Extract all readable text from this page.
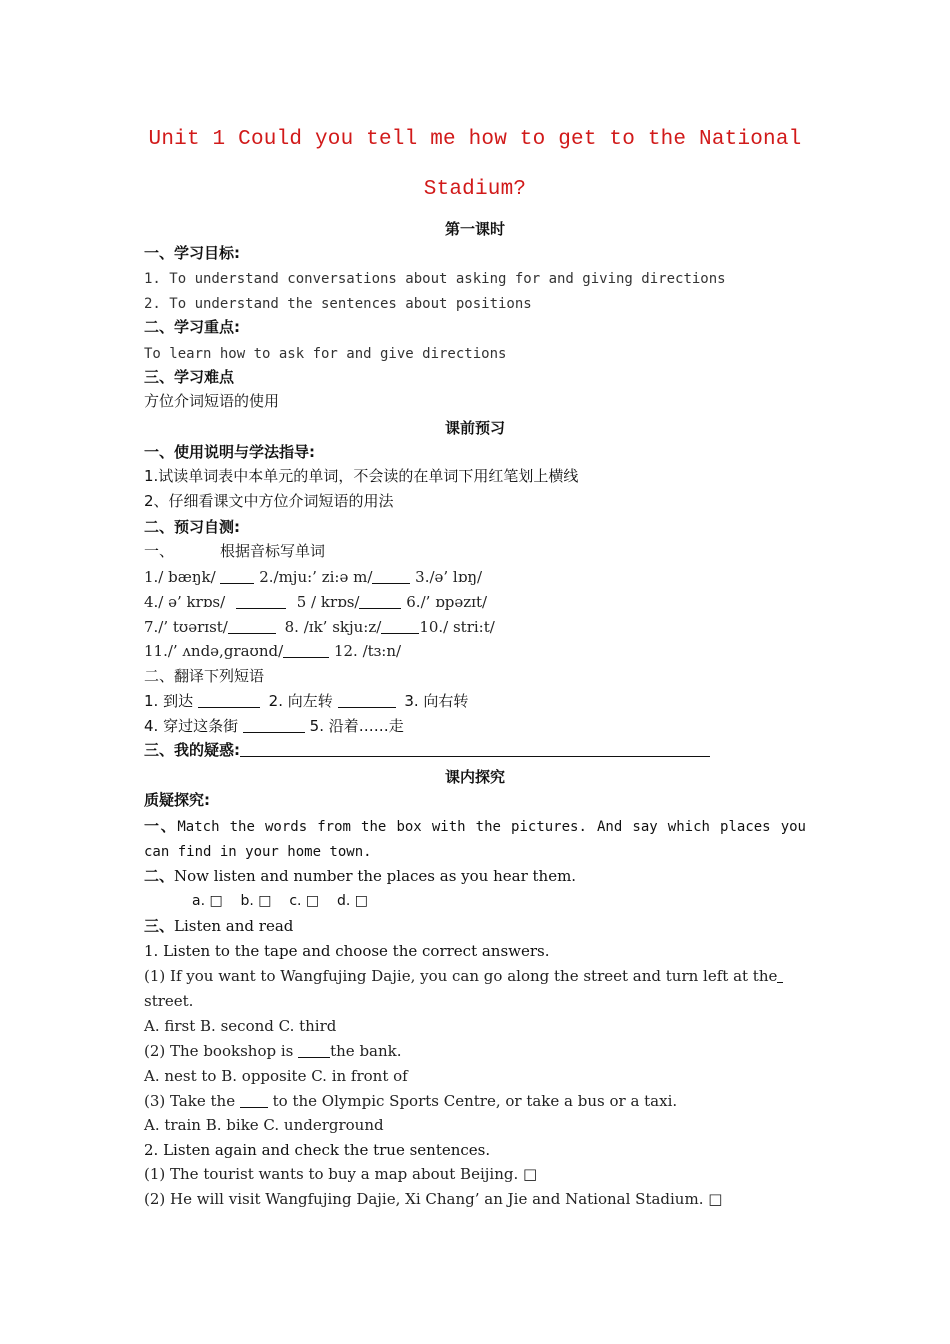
Unit 1 Could you tell me how to get to the National
Stadium?
第一课时
一、学习目标:
1. To understand conversations about asking for and giving directions
2. To understand the sentences about positions
二、学习重点:
To learn how to ask for and give directions
三、学习难点
方位介词短语的使用
课前预习
一、使用说明与学法指导:
1.试读单词表中本单元的单词，不会读的在单词下用红笔划上横线
2、仔细看课文中方位介词短语的用法
二、预习自测:
一、	根据音标写单词
1./ bæŋk/	2./mju:’ zi:ə m/	3./ə’ lɒŋ/
4./ ə’ krɒs/	5 / krɒs/	6./’ ɒpəzɪt/
7./’ tʊərɪst/	8. /ɪk’ skju:z/	10./ stri:t/
11./’ ʌndə,graʊnd/	12. /tɜ:n/
二、翻译下列短语
1. 到达	2. 向左转	3. 向右转
4. 穿过这条街	5. 沿着……走
三、我的疑惑:
课内探究
质疑探究:
一、Match the words from the box with the pictures. And say which places you
can find in your home town.
二、Now listen and number the places as you hear them.
a. □    b. □    c. □    d. □
三、Listen and read
1. Listen to the tape and choose the correct answers.
(1) If you want to Wangfujing Dajie, you can go along the street and turn left at the
street.
A. first B. second C. third
(2) The bookshop is the bank.
A. nest to B. opposite C. in front of
(3) Take the  to the Olympic Sports Centre, or take a bus or a taxi.
A. train B. bike C. underground
2. Listen again and check the true sentences.
(1) The tourist wants to buy a map about Beijing. □
(2) He will visit Wangfujing Dajie, Xi Chang’ an Jie and National Stadium. □
